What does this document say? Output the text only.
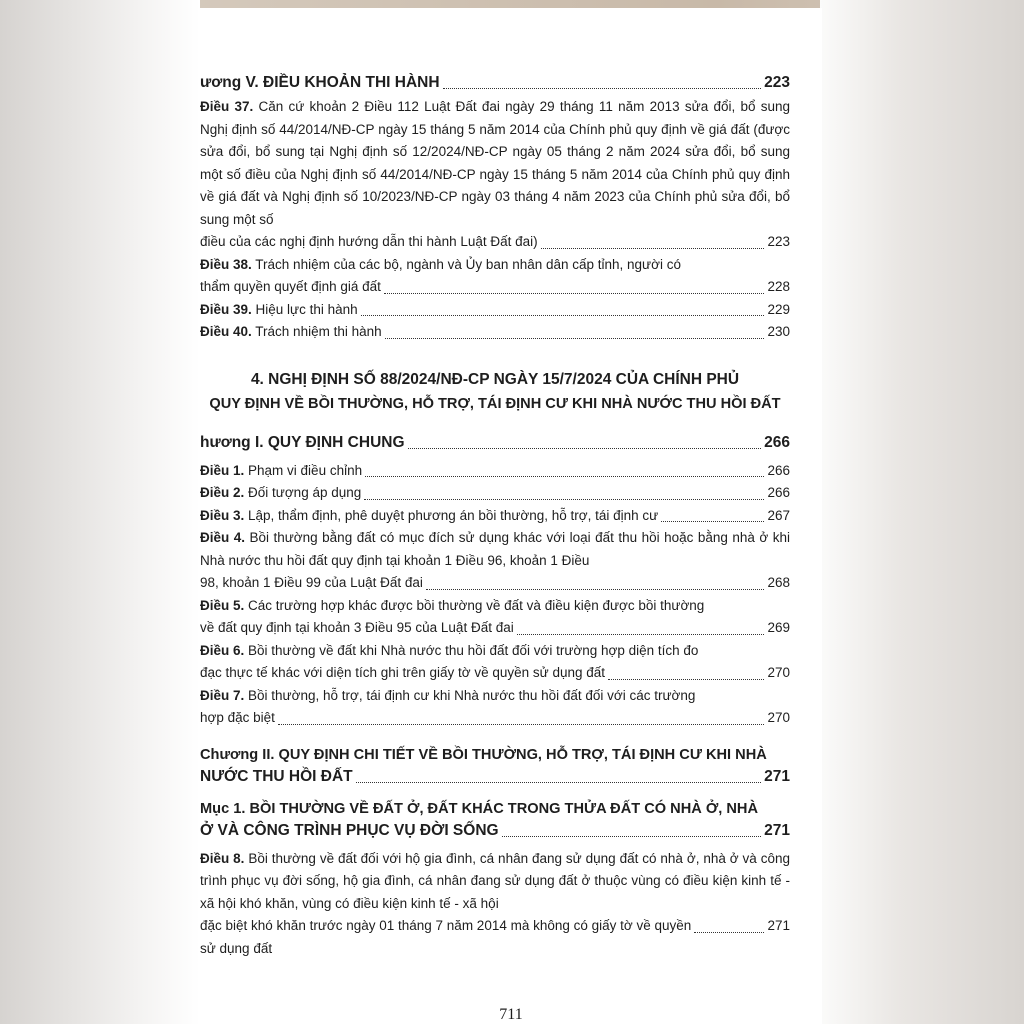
ương V. ĐIỀU KHOẢN THI HÀNH	223
Điều 37. Căn cứ khoản 2 Điều 112 Luật Đất đai ngày 29 tháng 11 năm 2013 sửa đổi, bổ sung Nghị định số 44/2014/NĐ-CP ngày 15 tháng 5 năm 2014 của Chính phủ quy định về giá đất (được sửa đổi, bổ sung tại Nghị định số 12/2024/NĐ-CP ngày 05 tháng 2 năm 2024 sửa đổi, bổ sung một số điều của Nghị định số 44/2014/NĐ-CP ngày 15 tháng 5 năm 2014 của Chính phủ quy định về giá đất và Nghị định số 10/2023/NĐ-CP ngày 03 tháng 4 năm 2023 của Chính phủ sửa đổi, bổ sung một số
điều của các nghị định hướng dẫn thi hành Luật Đất đai)	223
Điều 38. Trách nhiệm của các bộ, ngành và Ủy ban nhân dân cấp tỉnh, người có
thẩm quyền quyết định giá đất	228
Điều 39. Hiệu lực thi hành	229
Điều 40. Trách nhiệm thi hành	230
4. NGHỊ ĐỊNH SỐ 88/2024/NĐ-CP NGÀY 15/7/2024 CỦA CHÍNH PHỦ
QUY ĐỊNH VỀ BỒI THƯỜNG, HỖ TRỢ, TÁI ĐỊNH CƯ KHI NHÀ NƯỚC THU HỒI ĐẤT
hương I. QUY ĐỊNH CHUNG	266
Điều 1. Phạm vi điều chỉnh	266
Điều 2. Đối tượng áp dụng	266
Điều 3. Lập, thẩm định, phê duyệt phương án bồi thường, hỗ trợ, tái định cư	267
Điều 4. Bồi thường bằng đất có mục đích sử dụng khác với loại đất thu hồi hoặc bằng nhà ở khi Nhà nước thu hồi đất quy định tại khoản 1 Điều 96, khoản 1 Điều
98, khoản 1 Điều 99 của Luật Đất đai	268
Điều 5. Các trường hợp khác được bồi thường về đất và điều kiện được bồi thường
về đất quy định tại khoản 3 Điều 95 của Luật Đất đai	269
Điều 6. Bồi thường về đất khi Nhà nước thu hồi đất đối với trường hợp diện tích đo
đạc thực tế khác với diện tích ghi trên giấy tờ về quyền sử dụng đất	270
Điều 7. Bồi thường, hỗ trợ, tái định cư khi Nhà nước thu hồi đất đối với các trường
hợp đặc biệt	270
Chương II. QUY ĐỊNH CHI TIẾT VỀ BỒI THƯỜNG, HỖ TRỢ, TÁI ĐỊNH CƯ KHI NHÀ
NƯỚC THU HỒI ĐẤT	271
Mục 1. BỒI THƯỜNG VỀ ĐẤT Ở, ĐẤT KHÁC TRONG THỬA ĐẤT CÓ NHÀ Ở, NHÀ
Ở VÀ CÔNG TRÌNH PHỤC VỤ ĐỜI SỐNG	271
Điều 8. Bồi thường về đất đối với hộ gia đình, cá nhân đang sử dụng đất có nhà ở, nhà ở và công trình phục vụ đời sống, hộ gia đình, cá nhân đang sử dụng đất ở thuộc vùng có điều kiện kinh tế - xã hội khó khăn, vùng có điều kiện kinh tế - xã hội
đặc biệt khó khăn trước ngày 01 tháng 7 năm 2014 mà không có giấy tờ về quyền	271
sử dụng đất
711
